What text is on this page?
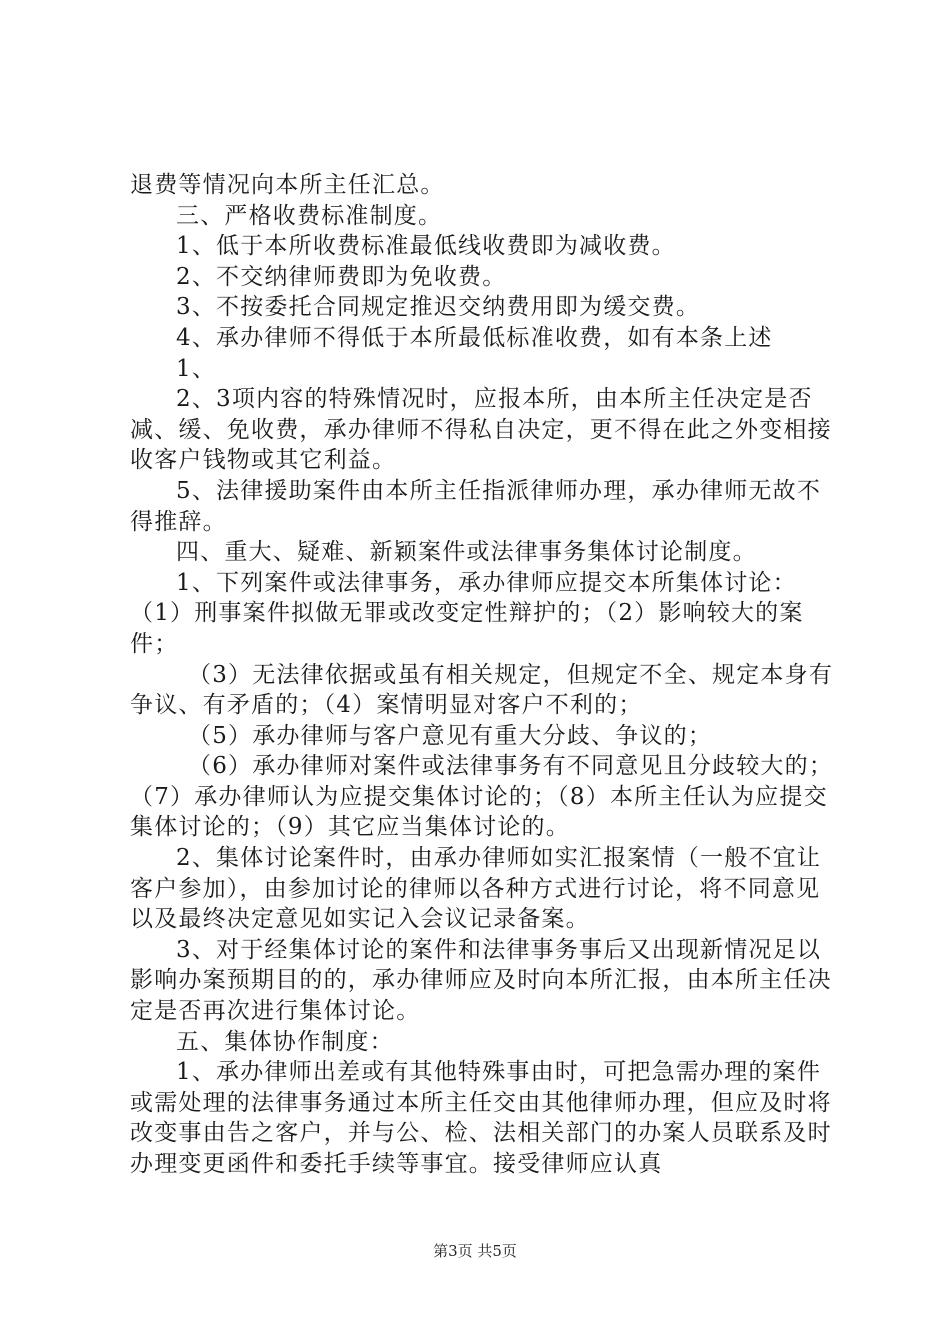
退费等情况向本所主任汇总。

三、严格收费标准制度。

1、低于本所收费标准最低线收费即为减收费。

2、不交纳律师费即为免收费。

3、不按委托合同规定推迟交纳费用即为缓交费。

4、承办律师不得低于本所最低标准收费，如有本条上述

1、

2、3项内容的特殊情况时，应报本所，由本所主任决定是否减、缓、免收费，承办律师不得私自决定，更不得在此之外变相接收客户钱物或其它利益。

5、法律援助案件由本所主任指派律师办理，承办律师无故不得推辞。

四、重大、疑难、新颖案件或法律事务集体讨论制度。

1、下列案件或法律事务，承办律师应提交本所集体讨论：（1）刑事案件拟做无罪或改变定性辩护的；（2）影响较大的案件；

（3）无法律依据或虽有相关规定，但规定不全、规定本身有争议、有矛盾的；（4）案情明显对客户不利的；

（5）承办律师与客户意见有重大分歧、争议的；

（6）承办律师对案件或法律事务有不同意见且分歧较大的；（7）承办律师认为应提交集体讨论的；（8）本所主任认为应提交集体讨论的；（9）其它应当集体讨论的。

2、集体讨论案件时，由承办律师如实汇报案情（一般不宜让客户参加），由参加讨论的律师以各种方式进行讨论，将不同意见以及最终决定意见如实记入会议记录备案。

3、对于经集体讨论的案件和法律事务事后又出现新情况足以影响办案预期目的的，承办律师应及时向本所汇报，由本所主任决定是否再次进行集体讨论。

五、集体协作制度：

1、承办律师出差或有其他特殊事由时，可把急需办理的案件或需处理的法律事务通过本所主任交由其他律师办理，但应及时将改变事由告之客户，并与公、检、法相关部门的办案人员联系及时办理变更函件和委托手续等事宜。接受律师应认真

第3页 共5页
